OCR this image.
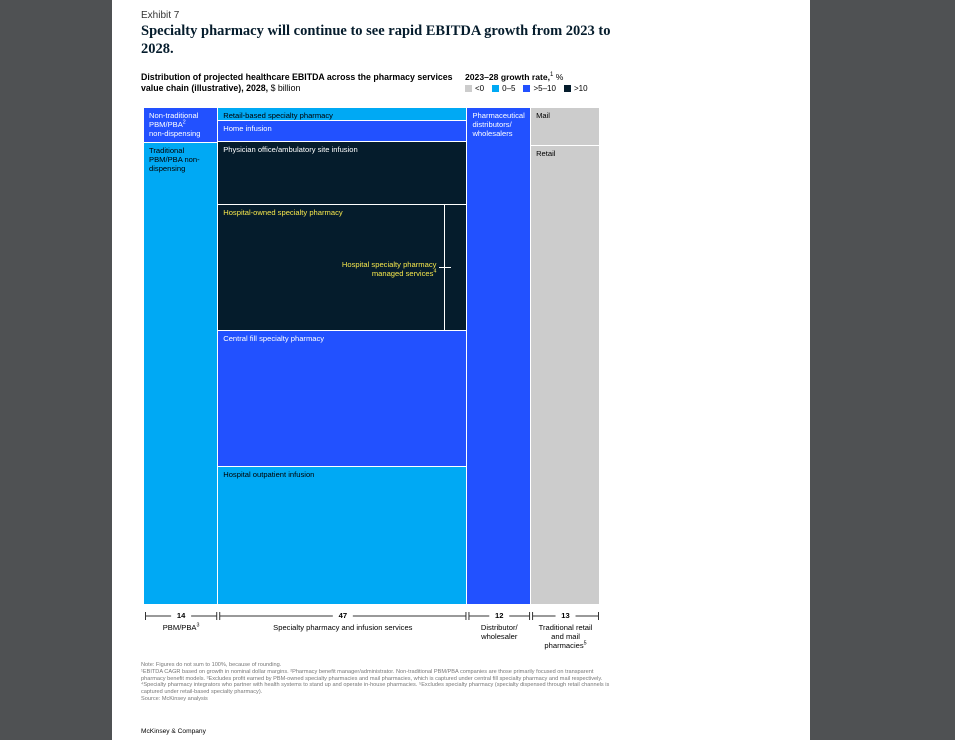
Exhibit 7
Specialty pharmacy will continue to see rapid EBITDA growth from 2023 to 2028.
Distribution of projected healthcare EBITDA across the pharmacy services value chain (illustrative), 2028, $ billion
2023–28 growth rate,$^1$ %
<0 0–5 >5–10 >10
Non-traditional PBM/PBA$^2$
non-dispensing
Traditional PBM/PBA non-dispensing
Retail-based specialty pharmacy
Home infusion
Physician office/ambulatory site infusion
Hospital-owned specialty pharmacy
Hospital specialty pharmacy managed services$^4$
Central fill specialty pharmacy
Hospital outpatient infusion
Pharmaceutical distributors/ wholesalers
Mail
Retail
14
PBM/PBA$^3$
47
Specialty pharmacy and infusion services
12
Distributor/ wholesaler
13
Traditional retail and mail pharmacies$^5$
Note: Figures do not sum to 100%, because of rounding.
¹EBITDA CAGR based on growth in nominal dollar margins. ²Pharmacy benefit manager/administrator. Non-traditional PBM/PBA companies are those primarily focused on transparent pharmacy benefit models. ³Excludes profit earned by PBM-owned specialty pharmacies and mail pharmacies, which is captured under central fill specialty pharmacy and mail respectively. ⁴Specialty pharmacy integrators who partner with health systems to stand up and operate in-house pharmacies. ⁵Excludes specialty pharmacy (specialty dispensed through retail channels is captured under retail-based specialty pharmacy).
Source: McKinsey analysis
McKinsey & Company
